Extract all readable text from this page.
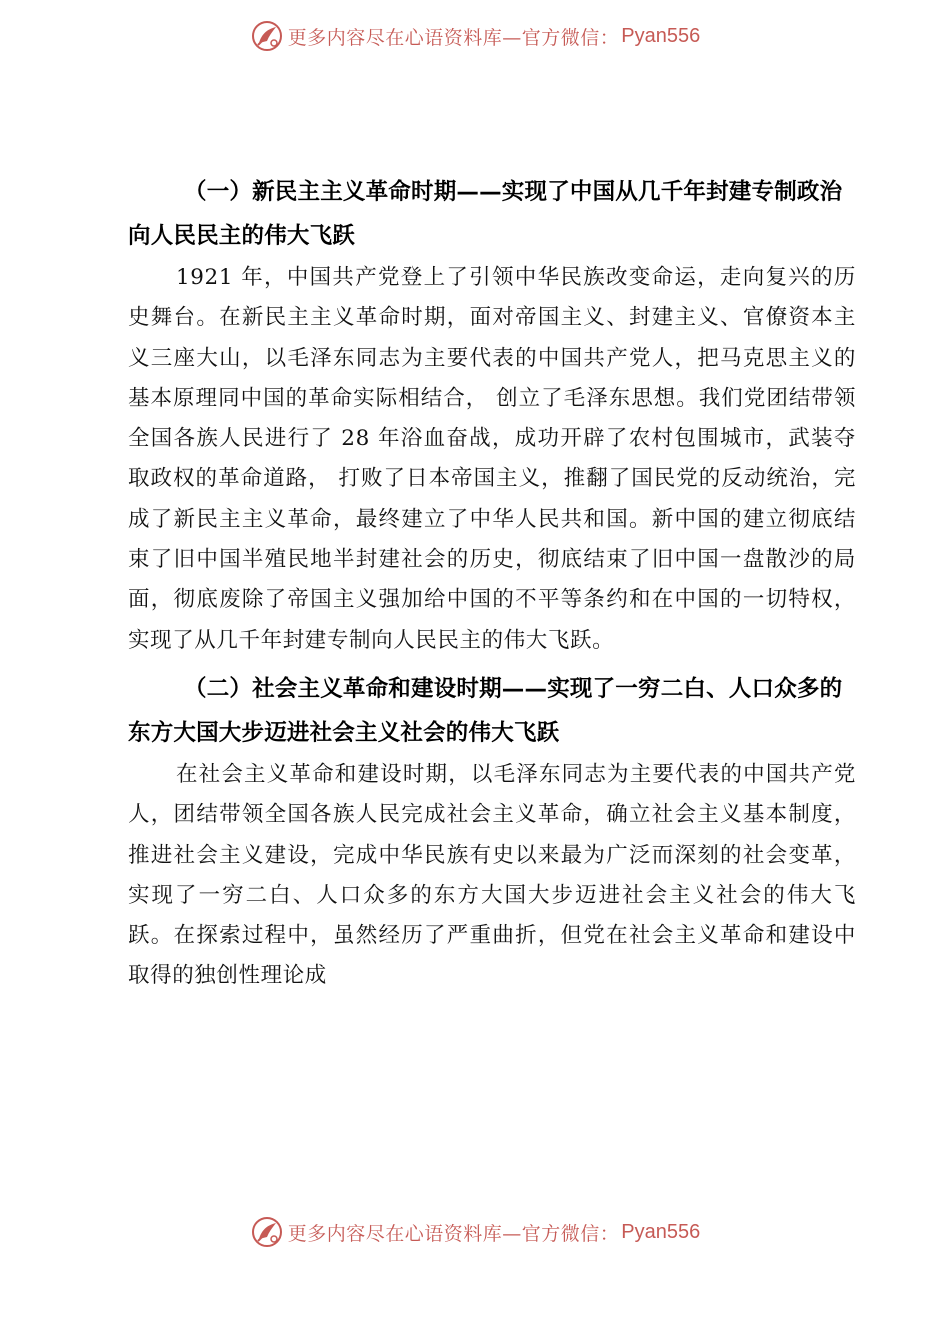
更多内容尽在心语资料库—官方微信： Pyan556

（一）新民主主义革命时期——实现了中国从几千年封建专制政治向人民民主的伟大飞跃

1921 年，中国共产党登上了引领中华民族改变命运，走向复兴的历史舞台。在新民主主义革命时期，面对帝国主义、封建主义、官僚资本主义三座大山，以毛泽东同志为主要代表的中国共产党人，把马克思主义的基本原理同中国的革命实际相结合， 创立了毛泽东思想。我们党团结带领全国各族人民进行了 28 年浴血奋战，成功开辟了农村包围城市，武装夺取政权的革命道路， 打败了日本帝国主义，推翻了国民党的反动统治，完成了新民主主义革命，最终建立了中华人民共和国。新中国的建立彻底结束了旧中国半殖民地半封建社会的历史，彻底结束了旧中国一盘散沙的局面，彻底废除了帝国主义强加给中国的不平等条约和在中国的一切特权，实现了从几千年封建专制向人民民主的伟大飞跃。

（二）社会主义革命和建设时期——实现了一穷二白、人口众多的东方大国大步迈进社会主义社会的伟大飞跃

在社会主义革命和建设时期，以毛泽东同志为主要代表的中国共产党人，团结带领全国各族人民完成社会主义革命，确立社会主义基本制度，推进社会主义建设，完成中华民族有史以来最为广泛而深刻的社会变革，实现了一穷二白、人口众多的东方大国大步迈进社会主义社会的伟大飞跃。在探索过程中，虽然经历了严重曲折，但党在社会主义革命和建设中取得的独创性理论成

更多内容尽在心语资料库—官方微信： Pyan556
